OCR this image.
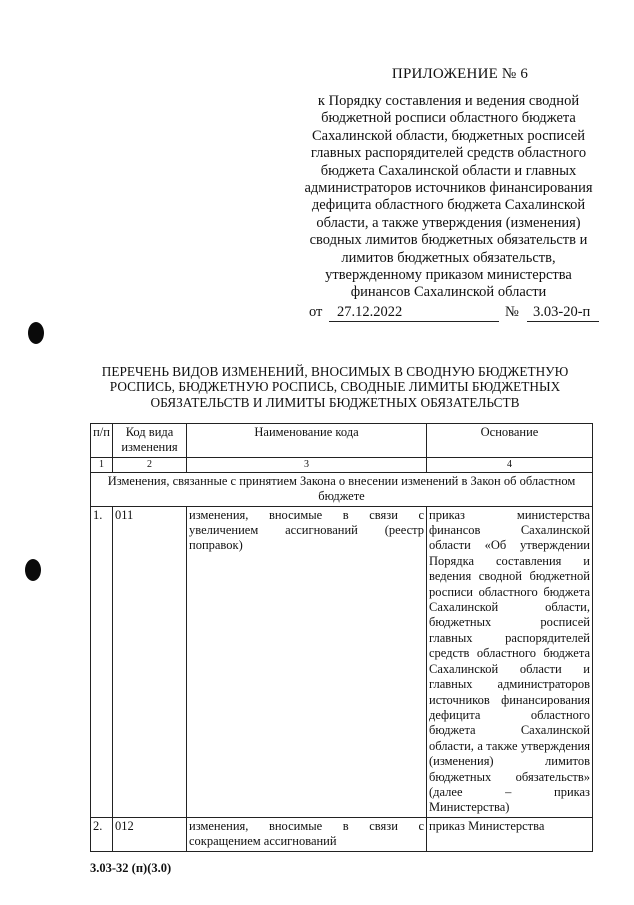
ПРИЛОЖЕНИЕ № 6
к Порядку составления и ведения сводной
бюджетной росписи областного бюджета
Сахалинской области, бюджетных росписей
главных распорядителей средств областного
бюджета Сахалинской области и главных
администраторов источников финансирования
дефицита областного бюджета Сахалинской
области, а также утверждения (изменения)
сводных лимитов бюджетных обязательств и
лимитов бюджетных обязательств,
утвержденному приказом министерства
финансов Сахалинской области
от	27.12.2022	№ 3.03-20-п
ПЕРЕЧЕНЬ ВИДОВ ИЗМЕНЕНИЙ, ВНОСИМЫХ В СВОДНУЮ БЮДЖЕТНУЮ
РОСПИСЬ, БЮДЖЕТНУЮ РОСПИСЬ, СВОДНЫЕ ЛИМИТЫ БЮДЖЕТНЫХ
ОБЯЗАТЕЛЬСТВ И ЛИМИТЫ БЮДЖЕТНЫХ ОБЯЗАТЕЛЬСТВ
п/п	Код вида изменения	Наименование кода	Основание
1	2	3	4
Изменения, связанные с принятием Закона о внесении изменений в Закон об областном бюджете			
1.	011	изменения, вносимые в связи с увеличением ассигнований (реестр поправок)	приказ министерства финансов Сахалинской области «Об утверждении Порядка составления и ведения сводной бюджетной росписи областного бюджета Сахалинской области, бюджетных росписей главных распорядителей средств областного бюджета Сахалинской области и главных администраторов источников финансирования дефицита областного бюджета Сахалинской области, а также утверждения (изменения) лимитов бюджетных обязательств» (далее – приказ Министерства)
2.	012	изменения, вносимые в связи с сокращением ассигнований	приказ Министерства
3.03-32 (п)(3.0)
